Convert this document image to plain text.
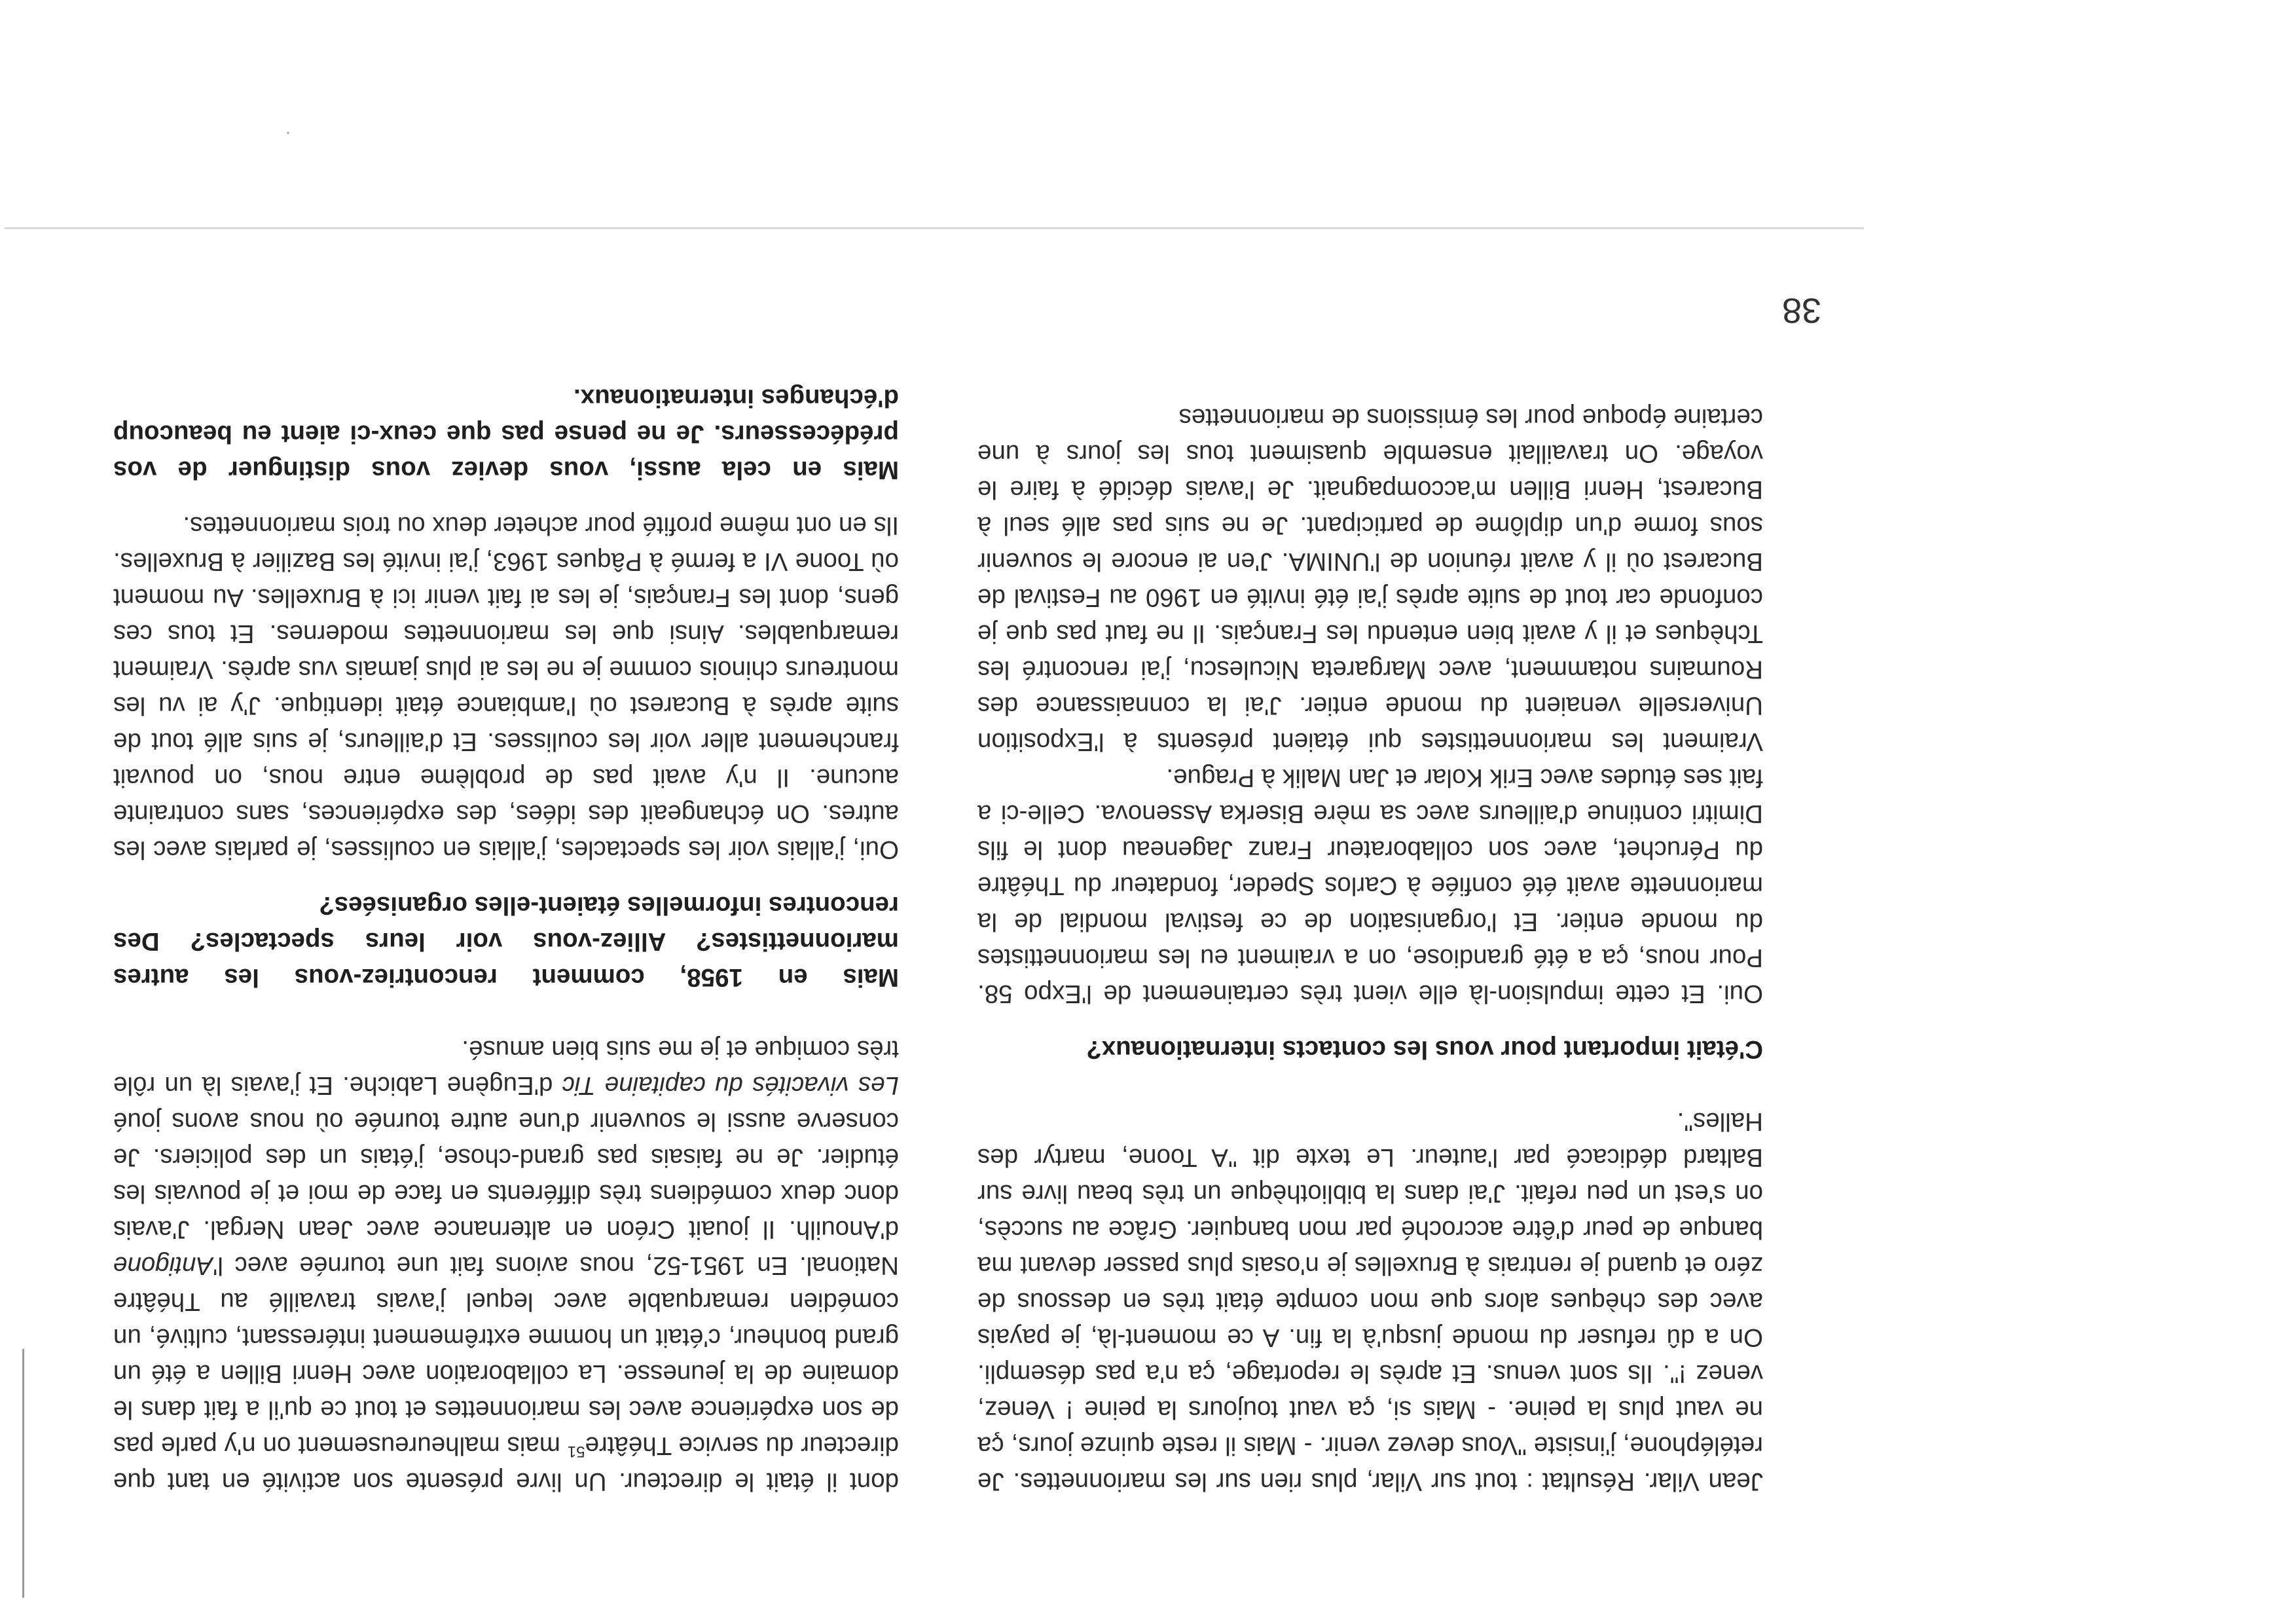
38

Jean Vilar. Résultat : tout sur Vilar, plus rien sur les marionnettes. Je retéléphone, j'insiste "Vous devez venir. - Mais il reste quinze jours, ça ne vaut plus la peine. - Mais si, ça vaut toujours la peine ! Venez, venez !". Ils sont venus. Et après le reportage, ça n'a pas désempli. On a dû refuser du monde jusqu'à la fin. A ce moment-là, je payais avec des chèques alors que mon compte était très en dessous de zéro et quand je rentrais à Bruxelles je n'osais plus passer devant ma banque de peur d'être accroché par mon banquier. Grâce au succès, on s'est un peu refait. J'ai dans la bibliothèque un très beau livre sur Baltard dédicacé par l'auteur. Le texte dit "A Toone, martyr des Halles".

C'était important pour vous les contacts internationaux?

Oui. Et cette impulsion-là elle vient très certainement de l'Expo 58. Pour nous, ça a été grandiose, on a vraiment eu les marionnettistes du monde entier. Et l'organisation de ce festival mondial de la marionnette avait été confiée à Carlos Speder, fondateur du Théâtre du Péruchet, avec son collaborateur Franz Jageneau dont le fils Dimitri continue d'ailleurs avec sa mère Biserka Assenova. Celle-ci a fait ses études avec Erik Kolar et Jan Malik à Prague.

Vraiment les marionnettistes qui étaient présents à l'Exposition Universelle venaient du monde entier. J'ai la connaissance des Roumains notamment, avec Margareta Niculescu, j'ai rencontré les Tchèques et il y avait bien entendu les Français. Il ne faut pas que je confonde car tout de suite après j'ai été invité en 1960 au Festival de Bucarest où il y avait réunion de l'UNIMA. J'en ai encore le souvenir sous forme d'un diplôme de participant. Je ne suis pas allé seul à Bucarest, Henri Billen m'accompagnait. Je l'avais décidé à faire le voyage. On travaillait ensemble quasiment tous les jours à une certaine époque pour les émissions de marionnettes

dont il était le directeur. Un livre présente son activité en tant que directeur du service Théâtre$^{51}$ mais malheureusement on n'y parle pas de son expérience avec les marionnettes et tout ce qu'il a fait dans le domaine de la jeunesse. La collaboration avec Henri Billen a été un grand bonheur, c'était un homme extrêmement intéressant, cultivé, un comédien remarquable avec lequel j'avais travaillé au Théâtre National. En 1951-52, nous avions fait une tournée avec l'Antigone d'Anouilh. Il jouait Créon en alternance avec Jean Nergal. J'avais donc deux comédiens très différents en face de moi et je pouvais les étudier. Je ne faisais pas grand-chose, j'étais un des policiers. Je conserve aussi le souvenir d'une autre tournée où nous avons joué Les vivacités du capitaine Tic d'Eugène Labiche. Et j'avais là un rôle très comique et je me suis bien amusé.

Mais en 1958, comment rencontriez-vous les autres marionnettistes? Alliez-vous voir leurs spectacles? Des rencontres informelles étaient-elles organisées?

Oui, j'allais voir les spectacles, j'allais en coulisses, je parlais avec les autres. On échangeait des idées, des expériences, sans contrainte aucune. Il n'y avait pas de problème entre nous, on pouvait franchement aller voir les coulisses. Et d'ailleurs, je suis allé tout de suite après à Bucarest où l'ambiance était identique. J'y ai vu les montreurs chinois comme je ne les ai plus jamais vus après. Vraiment remarquables. Ainsi que les marionnettes modernes. Et tous ces gens, dont les Français, je les ai fait venir ici à Bruxelles. Au moment où Toone VI a fermé à Pâques 1963, j'ai invité les Bazilier à Bruxelles. Ils en ont même profité pour acheter deux ou trois marionnettes.

Mais en cela aussi, vous deviez vous distinguer de vos prédécesseurs. Je ne pense pas que ceux-ci aient eu beaucoup d'échanges internationaux.
